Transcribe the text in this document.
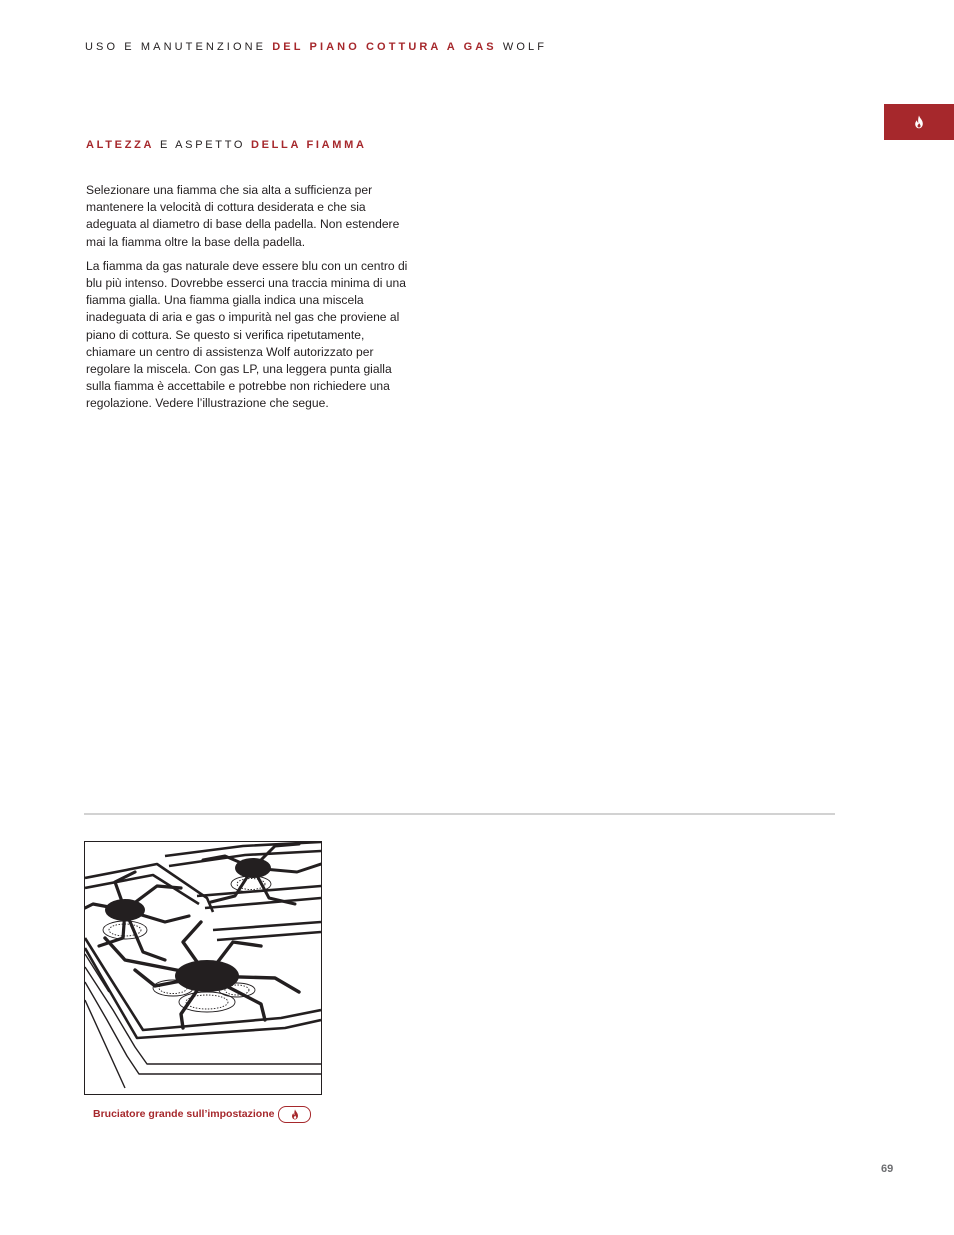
USO E MANUTENZIONE DEL PIANO COTTURA A GAS WOLF
ALTEZZA E ASPETTO DELLA FIAMMA

Selezionare una fiamma che sia alta a sufficienza per mantenere la velocità di cottura desiderata e che sia adeguata al diametro di base della padella. Non estendere mai la fiamma oltre la base della padella.

La fiamma da gas naturale deve essere blu con un centro di blu più intenso. Dovrebbe esserci una traccia minima di una fiamma gialla. Una fiamma gialla indica una miscela inadeguata di aria e gas o impurità nel gas che proviene al piano di cottura. Se questo si verifica ripetutamente, chiamare un centro di assistenza Wolf autorizzato per regolare la miscela. Con gas LP, una leggera punta gialla sulla fiamma è accettabile e potrebbe non richiedere una regolazione. Vedere l’illustrazione che segue.

Bruciatore grande sull’impostazione
69
